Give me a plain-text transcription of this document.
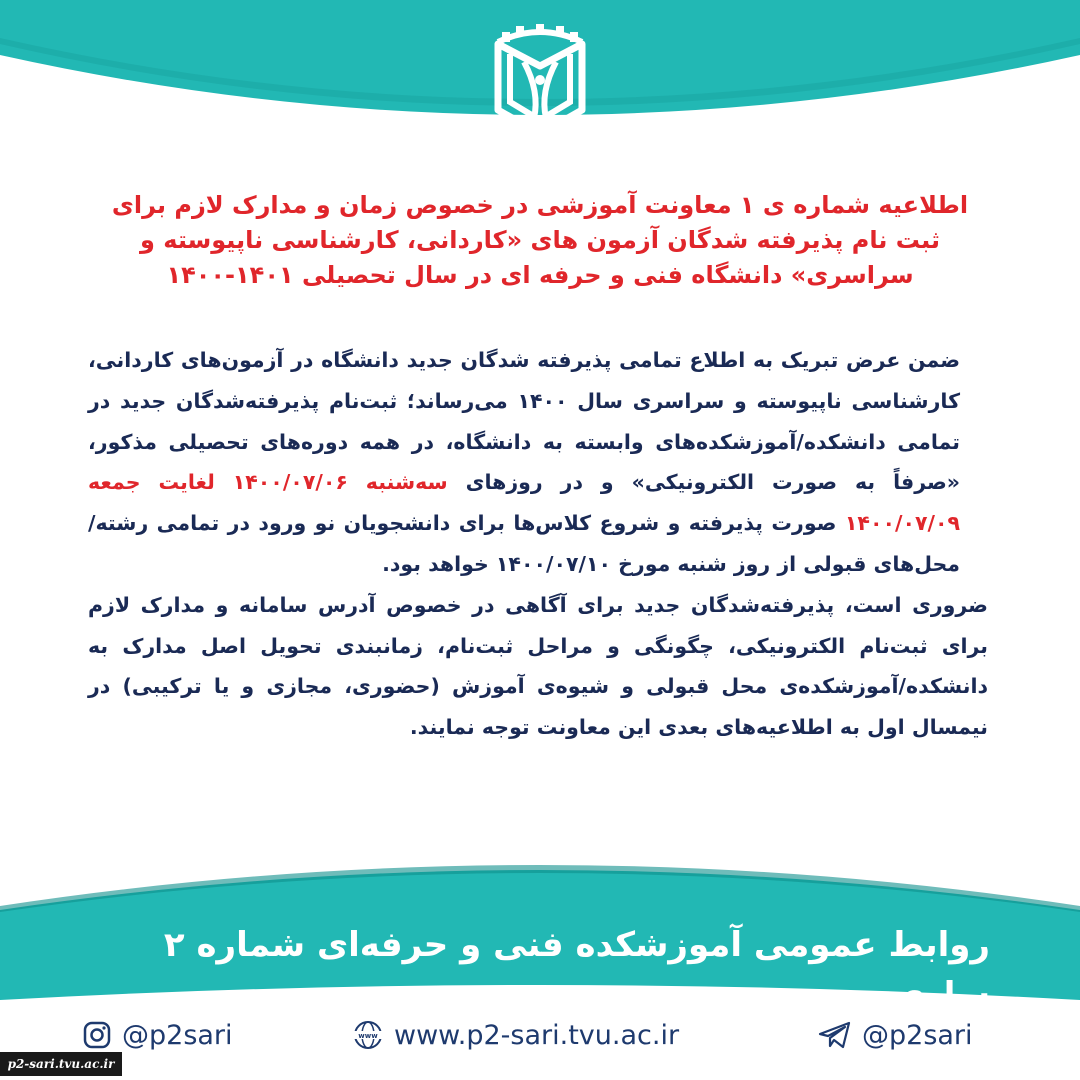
اطلاعیه شماره ی ۱ معاونت آموزشی در خصوص زمان و مدارک لازم برای
ثبت نام پذیرفته شدگان آزمون های «کاردانی، کارشناسی ناپیوسته و
سراسری» دانشگاه فنی و حرفه ای در سال تحصیلی ۱۴۰۱-۱۴۰۰

ضمن عرض تبریک به اطلاع تمامی پذیرفته شدگان جدید دانشگاه در آزمون‌های کاردانی، کارشناسی ناپیوسته و سراسری سال ۱۴۰۰ می‌رساند؛ ثبت‌نام پذیرفته‌شدگان جدید در تمامی دانشکده/آموزشکده‌های وابسته به دانشگاه، در همه دوره‌های تحصیلی مذکور، «صرفاً به صورت الکترونیکی» و در روزهای سه‌شنبه ۱۴۰۰/۰۷/۰۶ لغایت جمعه ۱۴۰۰/۰۷/۰۹ صورت پذیرفته و شروع کلاس‌ها برای دانشجویان نو ورود در تمامی رشته/محل‌های قبولی از روز شنبه مورخ ۱۴۰۰/۰۷/۱۰ خواهد بود.

ضروری است، پذیرفته‌شدگان جدید برای آگاهی در خصوص آدرس سامانه و مدارک لازم برای ثبت‌نام الکترونیکی، چگونگی و مراحل ثبت‌نام، زمانبندی تحویل اصل مدارک به دانشکده/آموزشکده‌ی محل قبولی و شیوه‌ی آموزش (حضوری، مجازی و یا ترکیبی) در نیمسال اول به اطلاعیه‌های بعدی این معاونت توجه نمایند.

روابط عمومی آموزشکده فنی و حرفه‌ای شماره ۲ ساری
@p2sari	www www.p2-sari.tvu.ac.ir	@p2sari
p2-sari.tvu.ac.ir
